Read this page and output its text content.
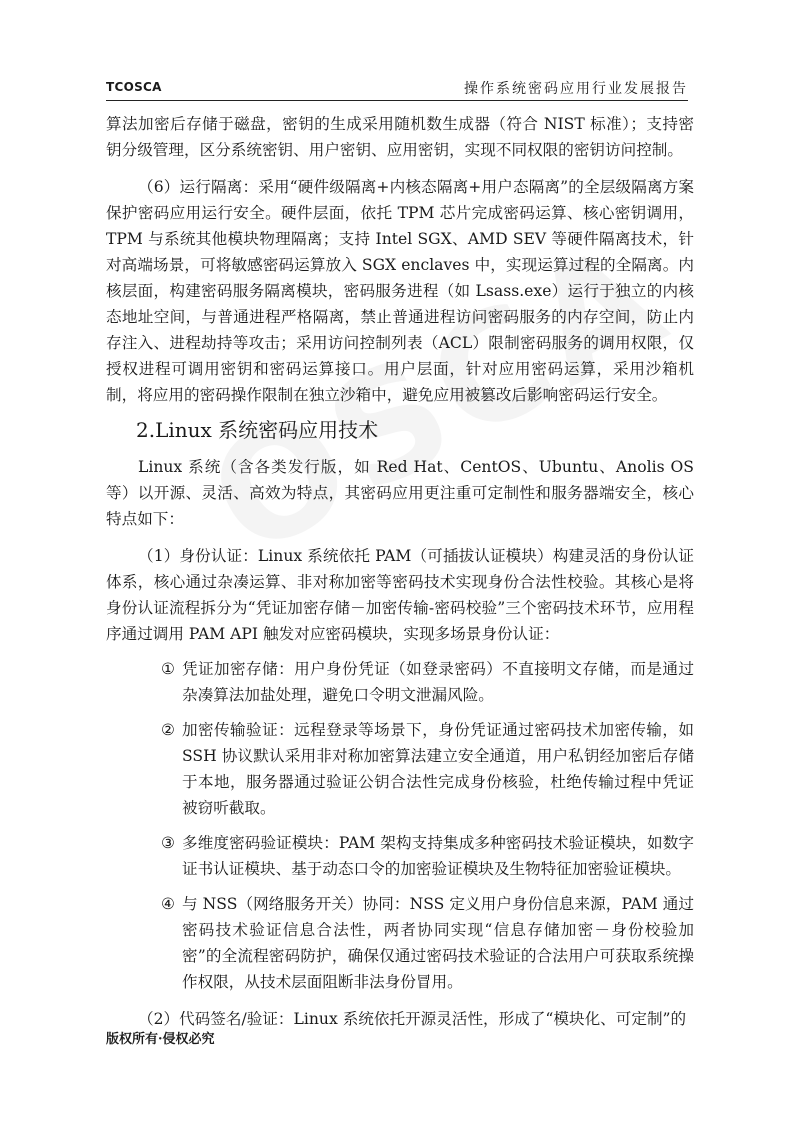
TCOSCA	操作系统密码应用行业发展报告

算法加密后存储于磁盘，密钥的生成采用随机数生成器（符合 NIST 标准）；支持密钥分级管理，区分系统密钥、用户密钥、应用密钥，实现不同权限的密钥访问控制。

（6）运行隔离：采用“硬件级隔离+内核态隔离+用户态隔离”的全层级隔离方案保护密码应用运行安全。硬件层面，依托 TPM 芯片完成密码运算、核心密钥调用，TPM 与系统其他模块物理隔离；支持 Intel SGX、AMD SEV 等硬件隔离技术，针对高端场景，可将敏感密码运算放入 SGX enclaves 中，实现运算过程的全隔离。内核层面，构建密码服务隔离模块，密码服务进程（如 Lsass.exe）运行于独立的内核态地址空间，与普通进程严格隔离，禁止普通进程访问密码服务的内存空间，防止内存注入、进程劫持等攻击；采用访问控制列表（ACL）限制密码服务的调用权限，仅授权进程可调用密钥和密码运算接口。用户层面，针对应用密码运算，采用沙箱机制，将应用的密码操作限制在独立沙箱中，避免应用被篡改后影响密码运行安全。

2.Linux 系统密码应用技术

Linux 系统（含各类发行版，如 Red Hat、CentOS、Ubuntu、Anolis OS 等）以开源、灵活、高效为特点，其密码应用更注重可定制性和服务器端安全，核心特点如下：

（1）身份认证：Linux 系统依托 PAM（可插拔认证模块）构建灵活的身份认证体系，核心通过杂凑运算、非对称加密等密码技术实现身份合法性校验。其核心是将身份认证流程拆分为“凭证加密存储－加密传输-密码校验”三个密码技术环节，应用程序通过调用 PAM API 触发对应密码模块，实现多场景身份认证：

① 凭证加密存储：用户身份凭证（如登录密码）不直接明文存储，而是通过杂凑算法加盐处理，避免口令明文泄漏风险。

② 加密传输验证：远程登录等场景下，身份凭证通过密码技术加密传输，如 SSH 协议默认采用非对称加密算法建立安全通道，用户私钥经加密后存储于本地，服务器通过验证公钥合法性完成身份核验，杜绝传输过程中凭证被窃听截取。

③ 多维度密码验证模块：PAM 架构支持集成多种密码技术验证模块，如数字证书认证模块、基于动态口令的加密验证模块及生物特征加密验证模块。

④ 与 NSS（网络服务开关）协同：NSS 定义用户身份信息来源，PAM 通过密码技术验证信息合法性，两者协同实现“信息存储加密－身份校验加密”的全流程密码防护，确保仅通过密码技术验证的合法用户可获取系统操作权限，从技术层面阻断非法身份冒用。

（2）代码签名/验证：Linux 系统依托开源灵活性，形成了“模块化、可定制”的

版权所有·侵权必究
